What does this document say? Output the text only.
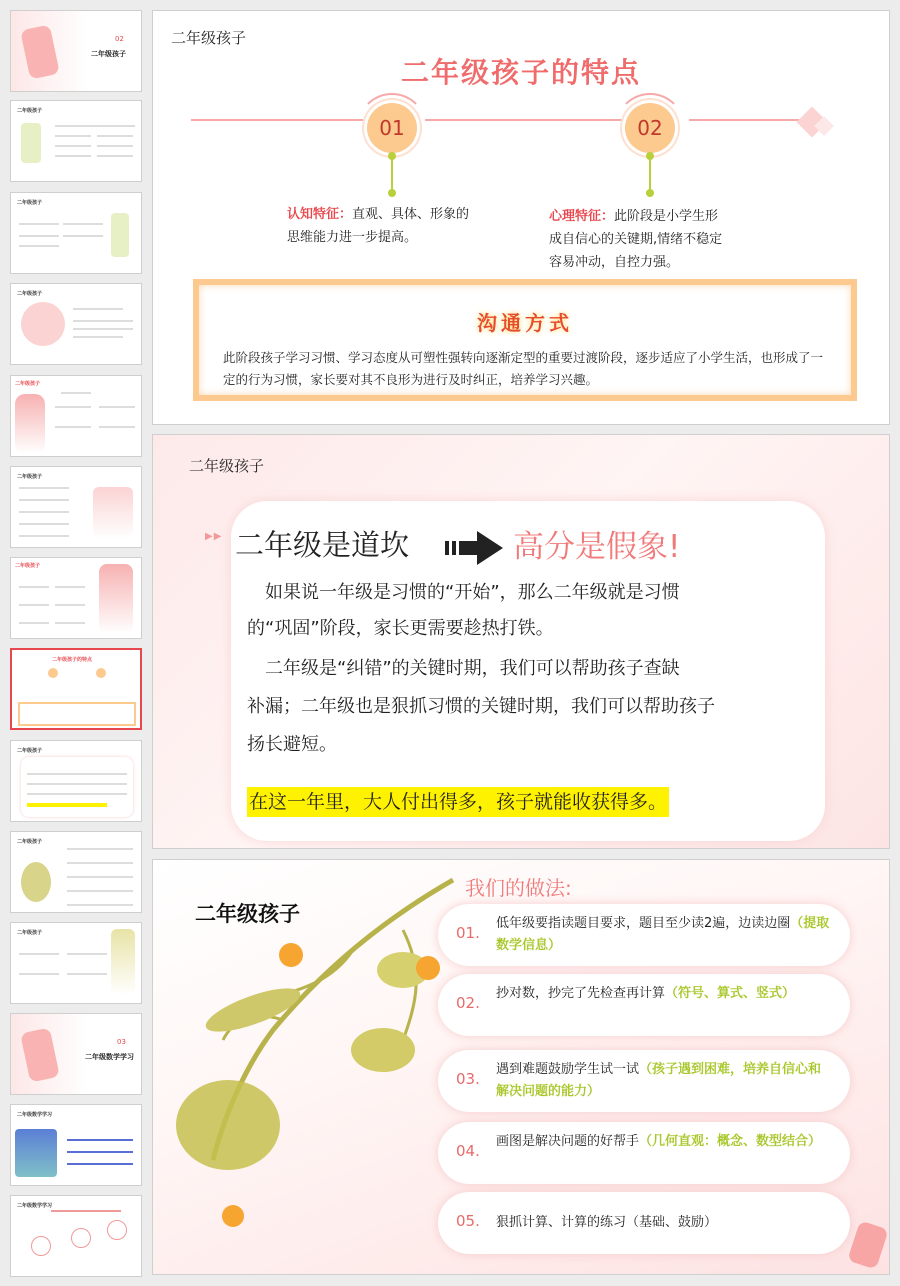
02
二年级孩子
二年级孩子
二年级孩子
二年级孩子
二年级孩子
二年级孩子
二年级孩子
二年级孩子的特点
二年级孩子
二年级孩子
二年级孩子
03
二年级数学学习
二年级数学学习
二年级数学学习
二年级孩子
二年级孩子的特点
01	02
认知特征：直观、具体、形象的
思维能力进一步提高。
心理特征：此阶段是小学生形
成自信心的关键期,情绪不稳定
容易冲动，自控力强。
沟通方式
此阶段孩子学习习惯、学习态度从可塑性强转向逐渐定型的重要过渡阶段，逐步适应了小学生活，也形成了一定的行为习惯，家长要对其不良形为进行及时纠正，培养学习兴趣。
二年级孩子
▶▶ 二年级是道坎	高分是假象!
　如果说一年级是习惯的“开始”，那么二年级就是习惯
的“巩固”阶段，家长更需要趁热打铁。
　二年级是“纠错”的关键时期，我们可以帮助孩子查缺
补漏；二年级也是狠抓习惯的关键时期，我们可以帮助孩子
扬长避短。
在这一年里，大人付出得多，孩子就能收获得多。
二年级孩子
我们的做法:
01.
低年级要指读题目要求，题目至少读2遍，边读边圈（提取数学信息）
02.
抄对数，抄完了先检查再计算（符号、算式、竖式）
03.
遇到难题鼓励学生试一试（孩子遇到困难，培养自信心和解决问题的能力）
04.
画图是解决问题的好帮手（几何直观：概念、数型结合）
05. 狠抓计算、计算的练习（基础、鼓励）
